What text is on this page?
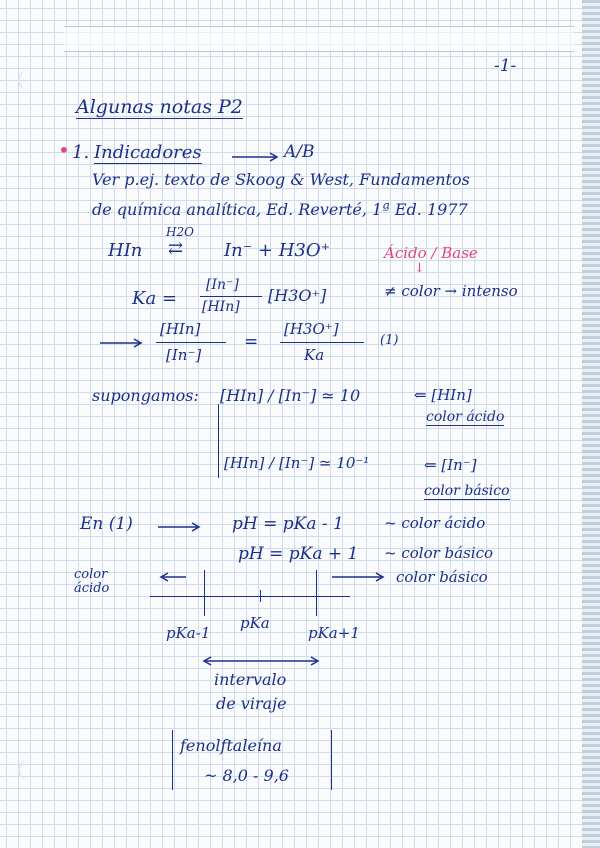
-1-
Algunas notas P2
• 1. Indicadores	A/B
Ver p.ej. texto de Skoog & West, Fundamentos
de química analítica, Ed. Reverté, 1ª Ed. 1977
HIn
H2O
⇄ In⁻ + H3O⁺	Ácido / Base
↓
≠ color → intenso
Ka =
[In⁻]
[HIn]
[H3O⁺]
[HIn]
[In⁻]
=
[H3O⁺]
Ka
(1)
supongamos: [HIn] / [In⁻] ≃ 10	⇐ [HIn]
color ácido
[HIn] / [In⁻] ≃ 10⁻¹	⇐ [In⁻]
color básico
En (1)	pH = pKa - 1	~ color ácido
pH = pKa + 1 ~ color básico
color
ácido
color básico
pKa-1
pKa
pKa+1
intervalo
de viraje
fenolftaleína
~ 8,0 - 9,6
